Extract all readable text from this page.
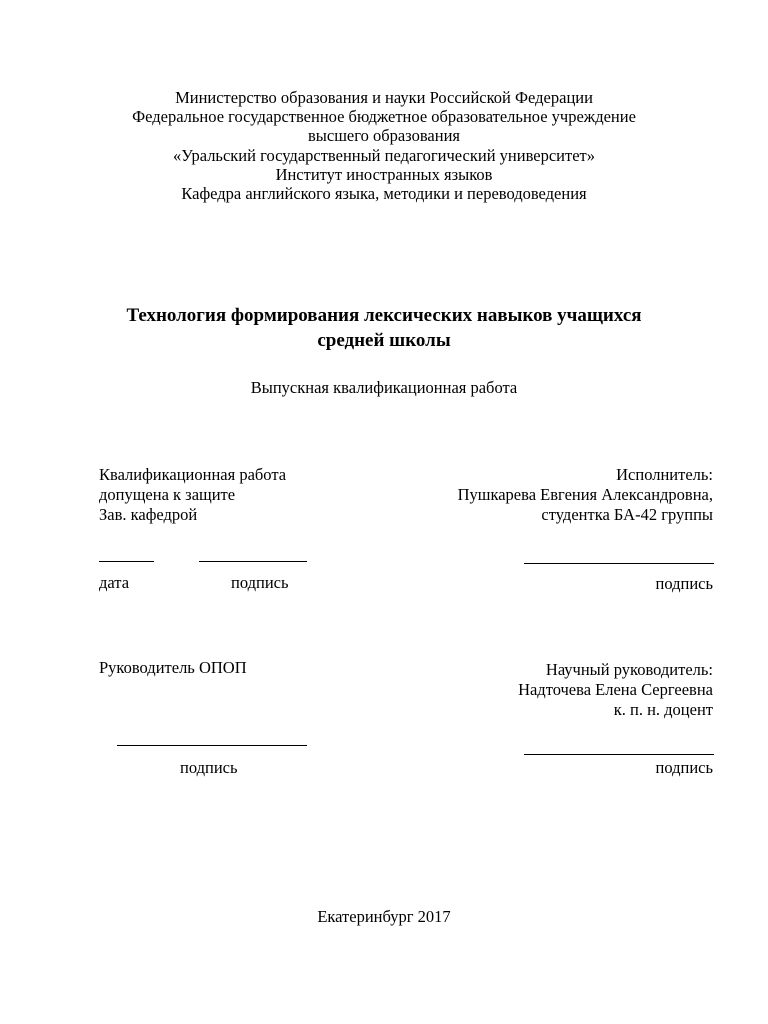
Министерство образования и науки Российской Федерации
Федеральное государственное бюджетное образовательное учреждение
высшего образования
«Уральский государственный педагогический университет»
Институт иностранных языков
Кафедра английского языка, методики и переводоведения
Технология формирования лексических навыков учащихся
средней школы
Выпускная квалификационная работа
Квалификационная работа
допущена к защите
Зав. кафедрой
дата	подпись
Исполнитель:
Пушкарева Евгения Александровна,
студентка БА-42 группы
подпись
Руководитель ОПОП
подпись
Научный руководитель:
Надточева Елена Сергеевна
к. п. н. доцент
подпись
Екатеринбург 2017
